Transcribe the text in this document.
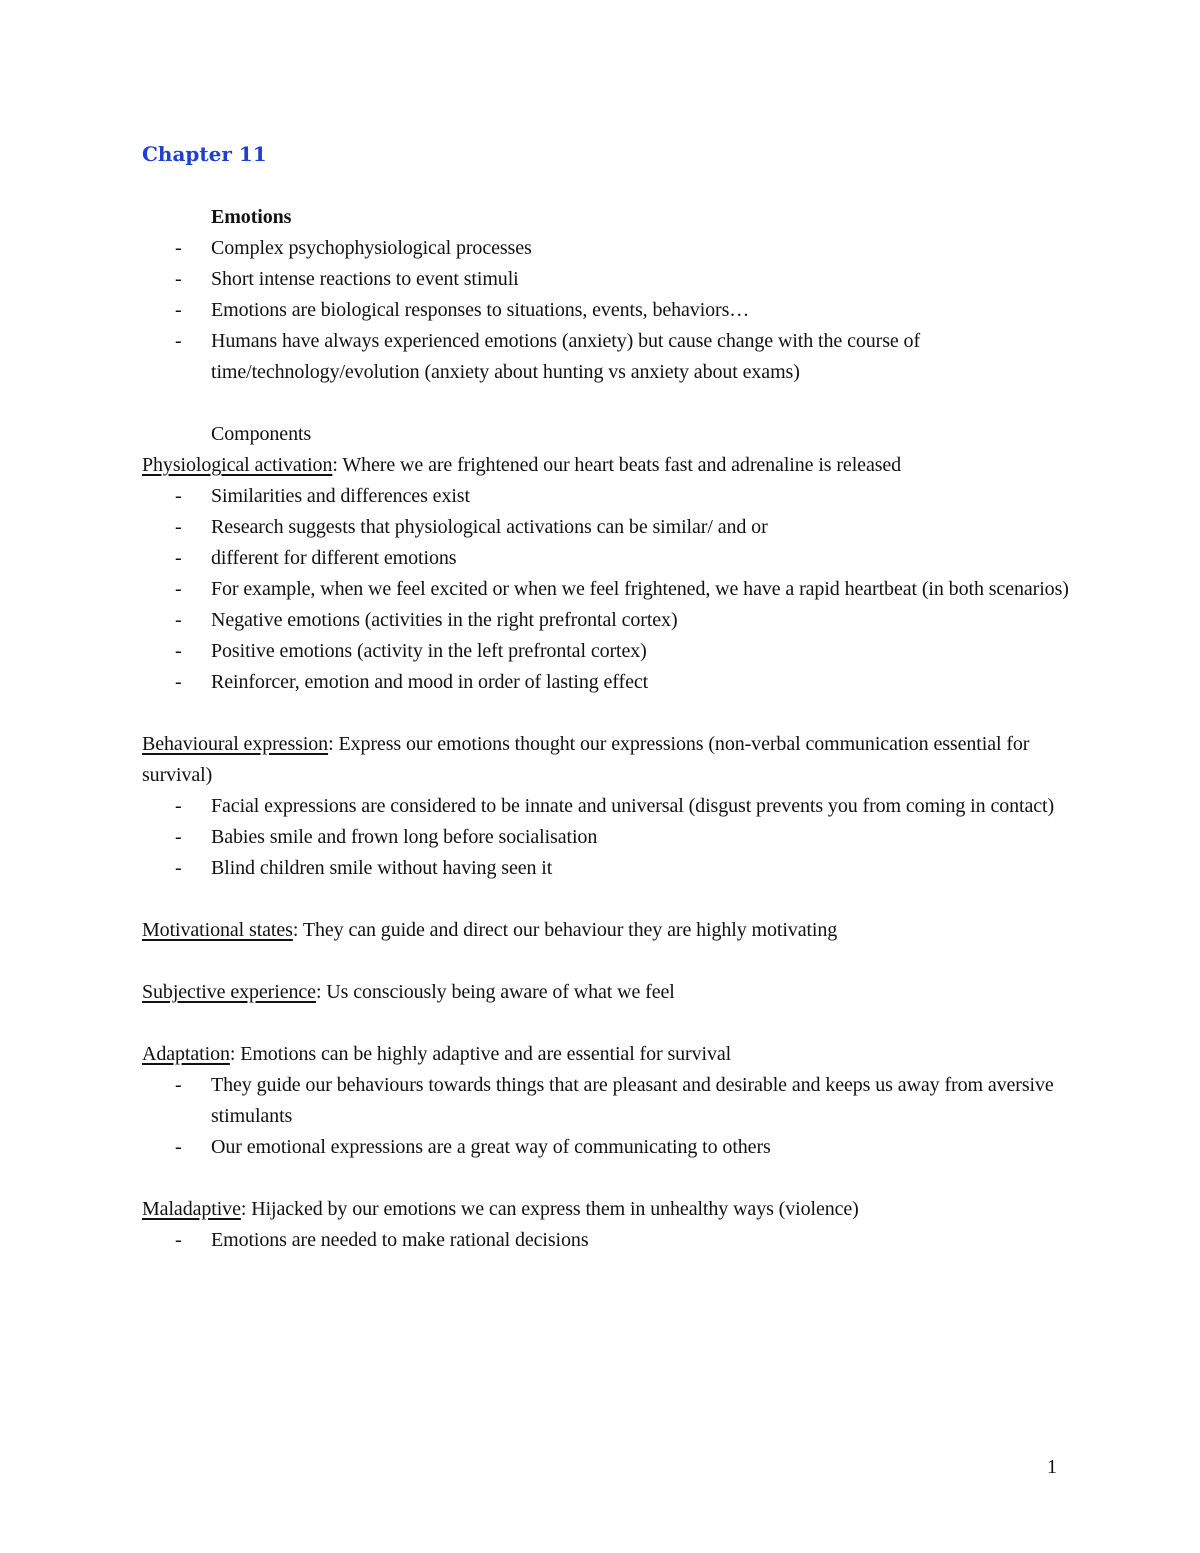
Chapter 11
Emotions
- Complex psychophysiological processes
- Short intense reactions to event stimuli
- Emotions are biological responses to situations, events, behaviors…
- Humans have always experienced emotions (anxiety) but cause change with the course of time/technology/evolution (anxiety about hunting vs anxiety about exams)
Components
Physiological activation: Where we are frightened our heart beats fast and adrenaline is released
- Similarities and differences exist
- Research suggests that physiological activations can be similar/ and or
- different for different emotions
- For example, when we feel excited or when we feel frightened, we have a rapid heartbeat (in both scenarios)
- Negative emotions (activities in the right prefrontal cortex)
- Positive emotions (activity in the left prefrontal cortex)
- Reinforcer, emotion and mood in order of lasting effect
Behavioural expression: Express our emotions thought our expressions (non-verbal communication essential for survival)
- Facial expressions are considered to be innate and universal (disgust prevents you from coming in contact)
- Babies smile and frown long before socialisation
- Blind children smile without having seen it
Motivational states: They can guide and direct our behaviour they are highly motivating
Subjective experience: Us consciously being aware of what we feel
Adaptation: Emotions can be highly adaptive and are essential for survival
- They guide our behaviours towards things that are pleasant and desirable and keeps us away from aversive stimulants
- Our emotional expressions are a great way of communicating to others
Maladaptive: Hijacked by our emotions we can express them in unhealthy ways (violence)
- Emotions are needed to make rational decisions
1
